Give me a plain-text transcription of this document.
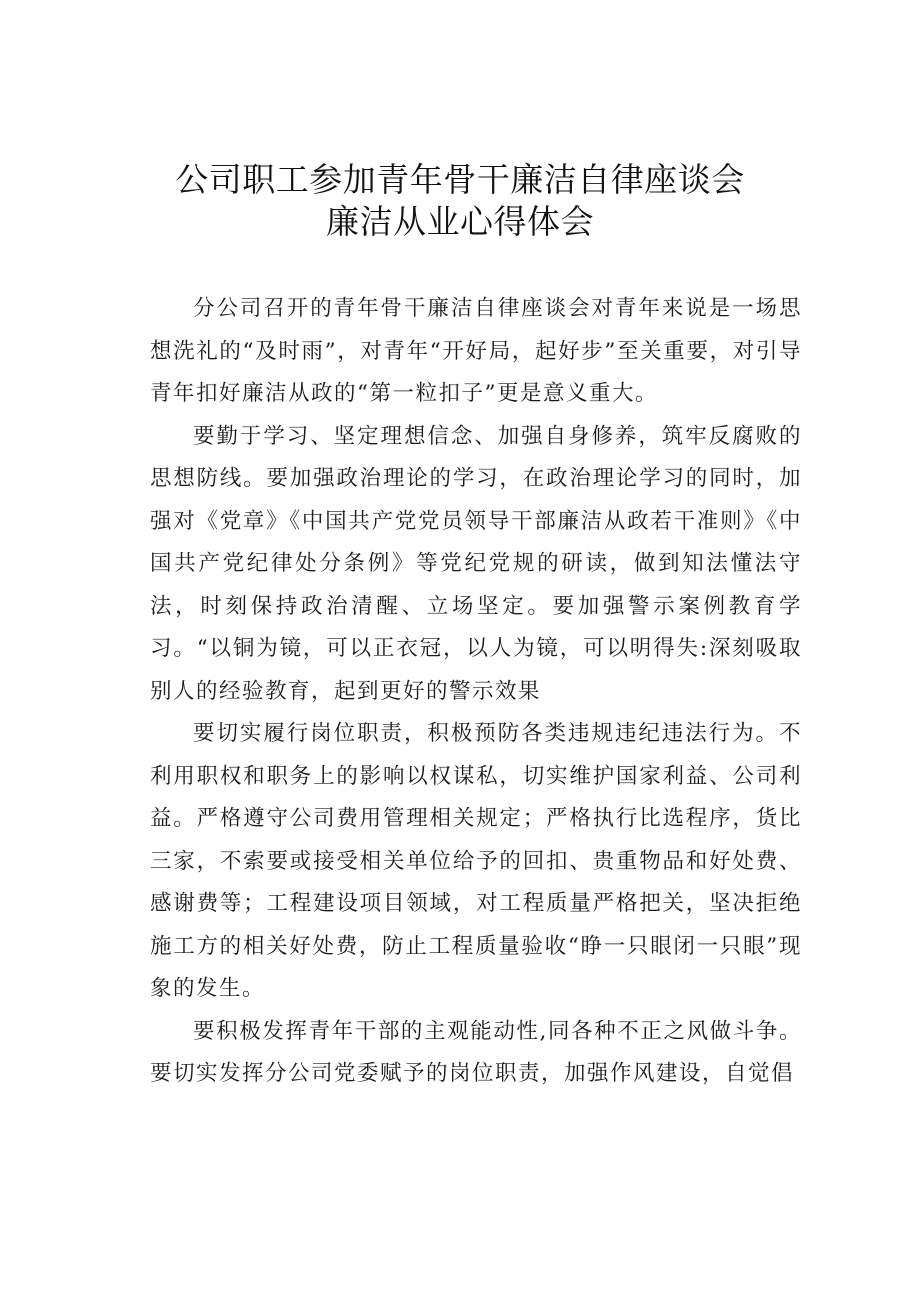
公司职工参加青年骨干廉洁自律座谈会
廉洁从业心得体会

分公司召开的青年骨干廉洁自律座谈会对青年来说是一场思想洗礼的“及时雨”，对青年“开好局，起好步”至关重要，对引导青年扣好廉洁从政的“第一粒扣子”更是意义重大。

要勤于学习、坚定理想信念、加强自身修养，筑牢反腐败的思想防线。要加强政治理论的学习，在政治理论学习的同时，加强对《党章》《中国共产党党员领导干部廉洁从政若干准则》《中国共产党纪律处分条例》等党纪党规的研读，做到知法懂法守法，时刻保持政治清醒、立场坚定。要加强警示案例教育学习。“以铜为镜，可以正衣冠，以人为镜，可以明得失:深刻吸取别人的经验教育，起到更好的警示效果

要切实履行岗位职责，积极预防各类违规违纪违法行为。不利用职权和职务上的影响以权谋私，切实维护国家利益、公司利益。严格遵守公司费用管理相关规定；严格执行比选程序，货比三家，不索要或接受相关单位给予的回扣、贵重物品和好处费、感谢费等；工程建设项目领域，对工程质量严格把关，坚决拒绝施工方的相关好处费，防止工程质量验收“睁一只眼闭一只眼”现象的发生。

要积极发挥青年干部的主观能动性,同各种不正之风做斗争。要切实发挥分公司党委赋予的岗位职责，加强作风建设，自觉倡
